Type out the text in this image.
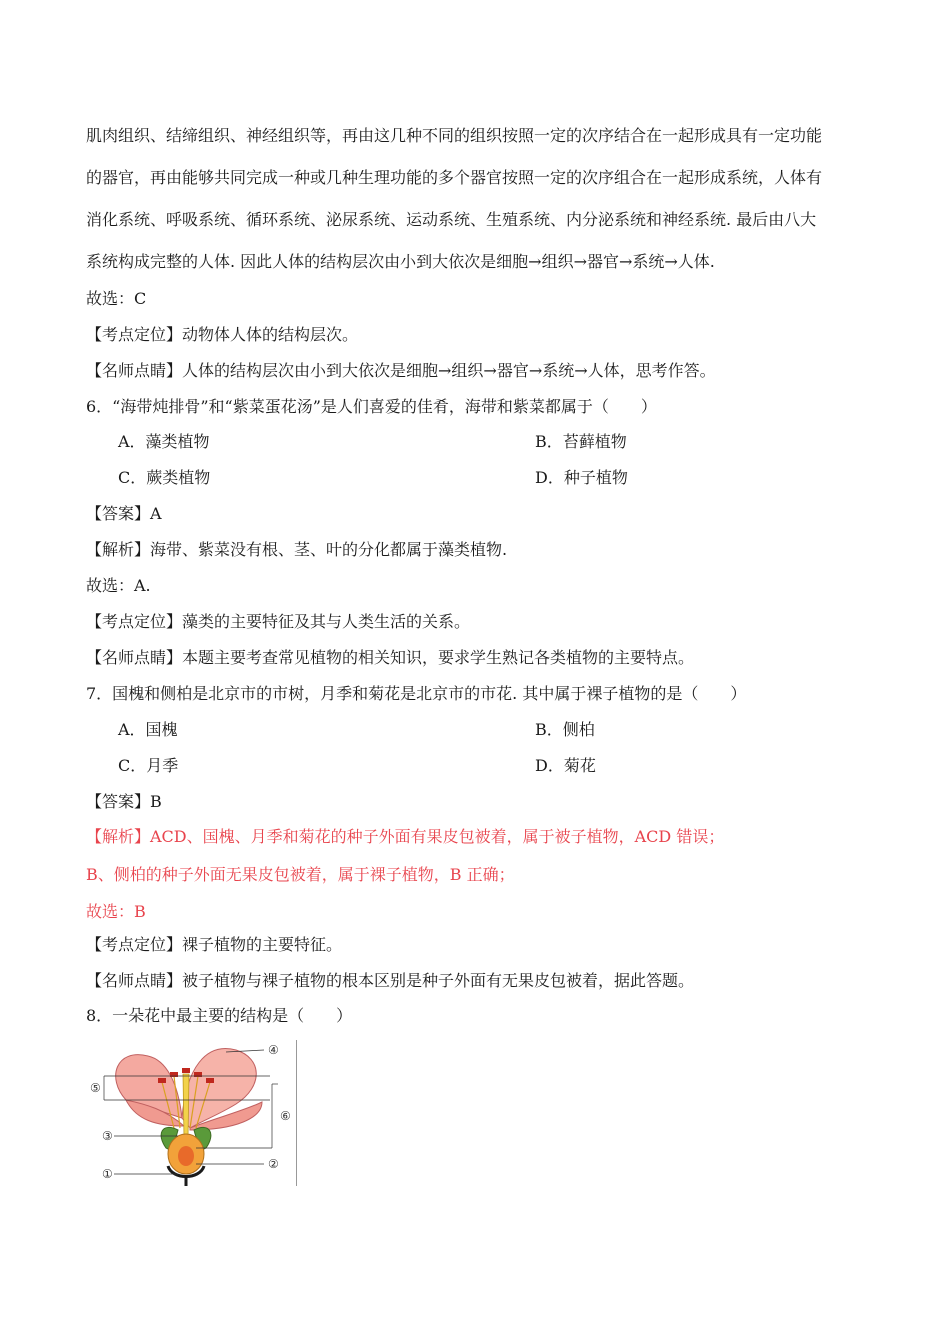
肌肉组织、结缔组织、神经组织等，再由这几种不同的组织按照一定的次序结合在一起形成具有一定功能
的器官，再由能够共同完成一种或几种生理功能的多个器官按照一定的次序组合在一起形成系统，人体有
消化系统、呼吸系统、循环系统、泌尿系统、运动系统、生殖系统、内分泌系统和神经系统. 最后由八大
系统构成完整的人体. 因此人体的结构层次由小到大依次是细胞→组织→器官→系统→人体.
故选：C
【考点定位】动物体人体的结构层次。
【名师点睛】人体的结构层次由小到大依次是细胞→组织→器官→系统→人体，思考作答。
6．“海带炖排骨”和“紫菜蛋花汤”是人们喜爱的佳肴，海带和紫菜都属于（　　）
A．藻类植物	B．苔藓植物
C．蕨类植物	D．种子植物
【答案】A
【解析】海带、紫菜没有根、茎、叶的分化都属于藻类植物.
故选：A.
【考点定位】藻类的主要特征及其与人类生活的关系。
【名师点睛】本题主要考查常见植物的相关知识，要求学生熟记各类植物的主要特点。
7．国槐和侧柏是北京市的市树，月季和菊花是北京市的市花. 其中属于裸子植物的是（　　）
A．国槐	B．侧柏
C．月季	D．菊花
【答案】B
【解析】ACD、国槐、月季和菊花的种子外面有果皮包被着，属于被子植物，ACD 错误；
B、侧柏的种子外面无果皮包被着，属于裸子植物，B 正确；
故选：B
【考点定位】裸子植物的主要特征。
【名师点睛】被子植物与裸子植物的根本区别是种子外面有无果皮包被着，据此答题。
8．一朵花中最主要的结构是（　　）
④
⑤
⑥
③
②
①
